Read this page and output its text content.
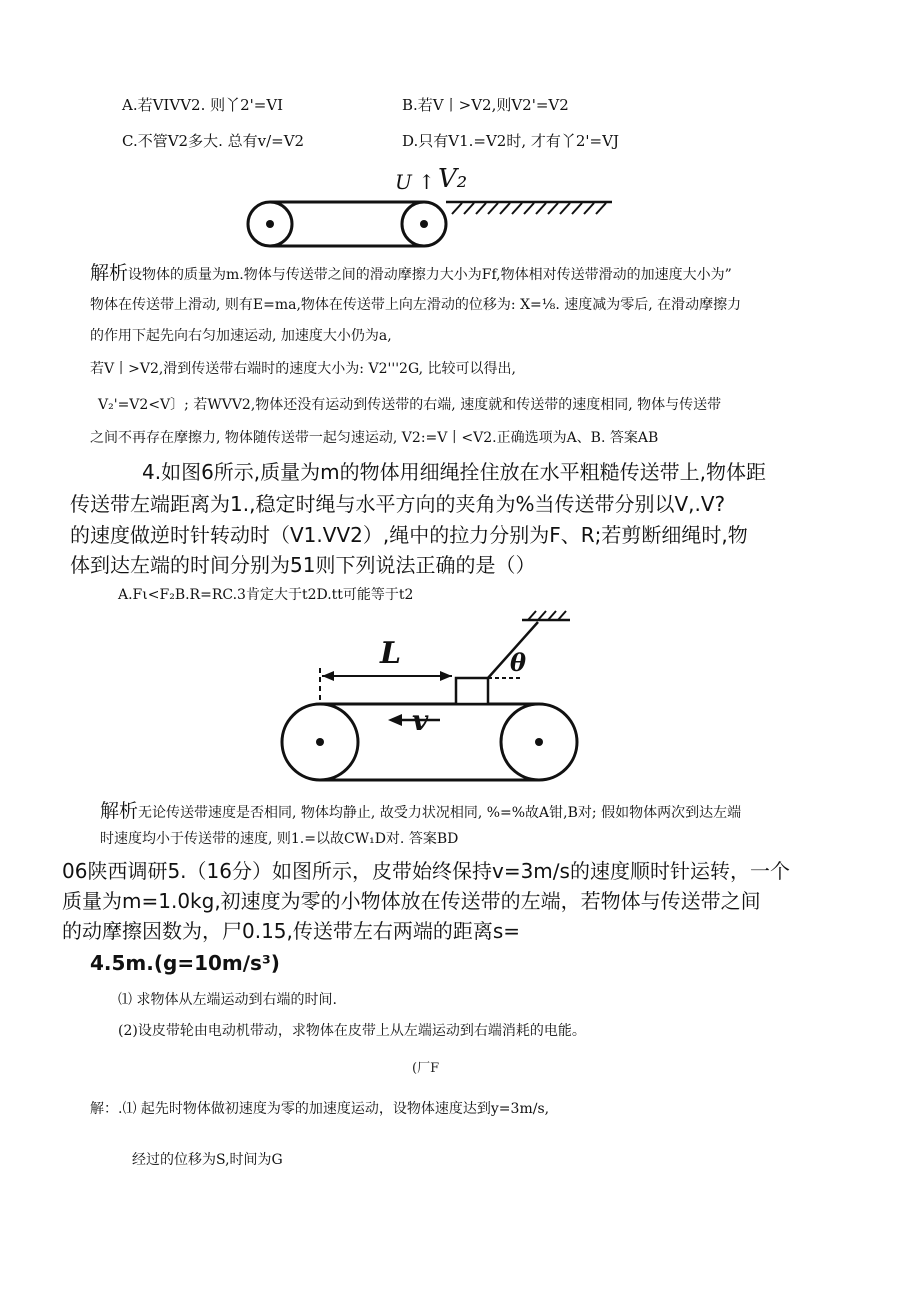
A.若VIVV2. 则丫2'=VI	B.若V丨>V2,则V2'=V2
C.不管V2多大. 总有v/=V2	D.只有V1.=V2时, 才有丫2'=VJ
U ↑ V₂
解析设物体的质量为m.物体与传送带之间的滑动摩擦力大小为Ff,物体相对传送带滑动的加速度大小为”
物体在传送带上滑动, 则有E=ma,物体在传送带上向左滑动的位移为: X=⅛. 速度减为零后, 在滑动摩擦力
的作用下起先向右匀加速运动, 加速度大小仍为a,
若V丨>V2,滑到传送带右端时的速度大小为: V2'''2G, 比较可以得出,
V₂'=V2<V〕; 若WVV2,物体还没有运动到传送带的右端, 速度就和传送带的速度相同, 物体与传送带
之间不再存在摩擦力, 物体随传送带一起匀速运动, V2:=V丨<V2.正确选项为A、B. 答案AB
4.如图6所示,质量为m的物体用细绳拴住放在水平粗糙传送带上,物体距
传送带左端距离为1.,稳定时绳与水平方向的夹角为%当传送带分别以V,.V?
的速度做逆时针转动时（V1.VV2）,绳中的拉力分别为F、R;若剪断细绳时,物
体到达左端的时间分别为51则下列说法正确的是（）
A.Fι<F₂B.R=RC.3肯定大于t2D.tt可能等于t2
L	θ
v
解析无论传送带速度是否相同, 物体均静止, 故受力状况相同, %=%故A钳,B对; 假如物体两次到达左端
时速度均小于传送带的速度, 则1.=以故CW₁D对. 答案BD
06陕西调研5.（16分）如图所示，皮带始终保持v=3m∕s的速度顺时针运转，一个
质量为m=1.0kg,初速度为零的小物体放在传送带的左端，若物体与传送带之间
的动摩擦因数为，尸0.15,传送带左右两端的距离s=
4.5m.(g=10m∕s³)
⑴ 求物体从左端运动到右端的时间.
(2)设皮带轮由电动机带动，求物体在皮带上从左端运动到右端消耗的电能。
(厂F
解：.⑴ 起先时物体做初速度为零的加速度运动，设物体速度达到y=3m∕s,
经过的位移为S,时间为G
